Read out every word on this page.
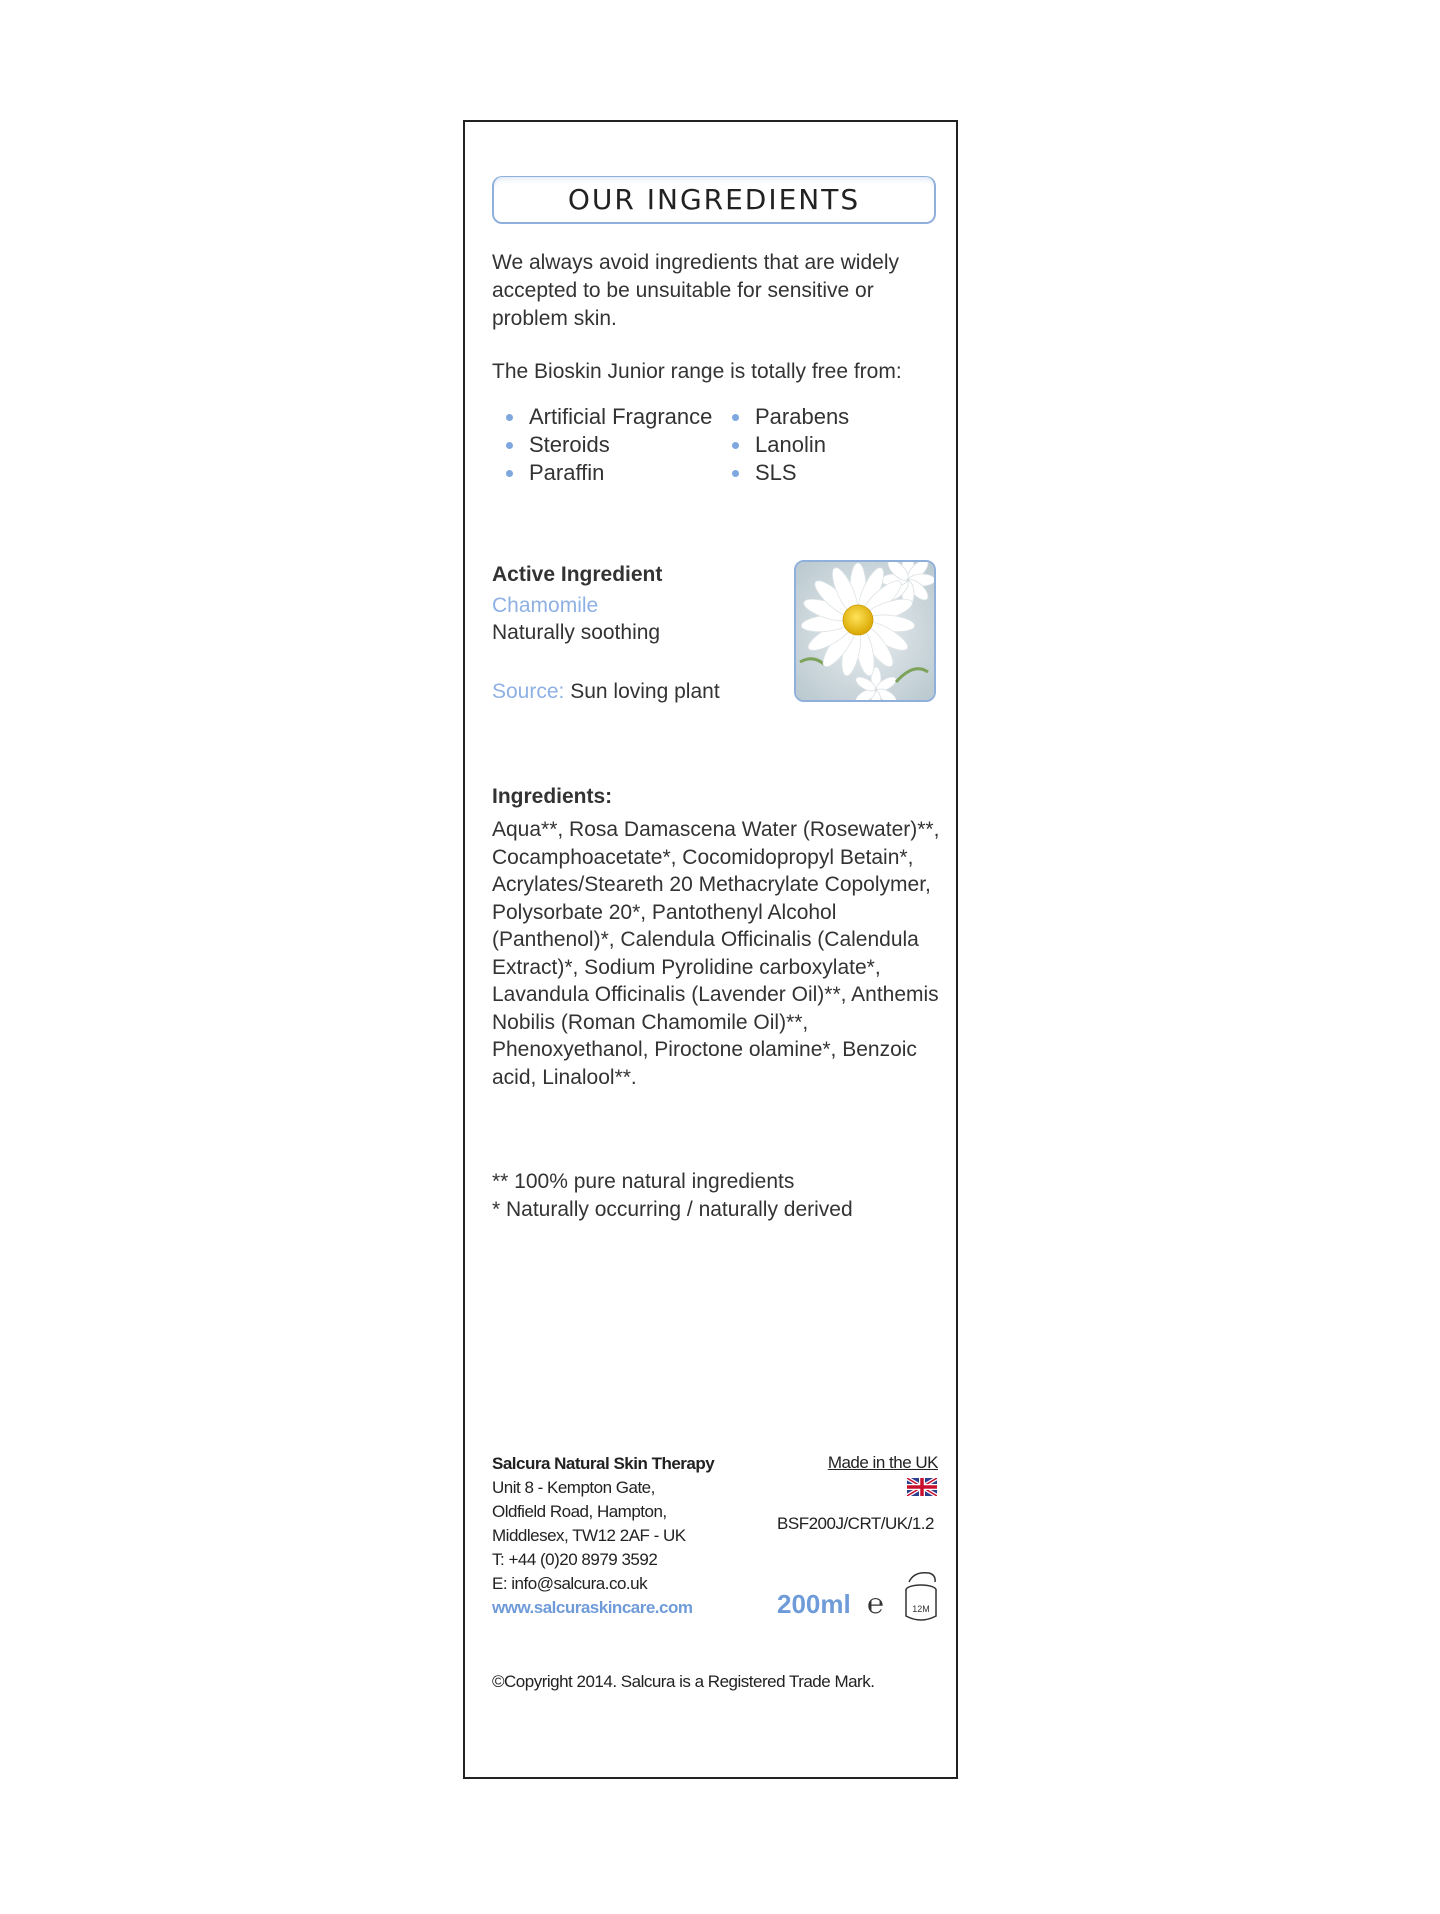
OUR INGREDIENTS
We always avoid ingredients that are widely accepted to be unsuitable for sensitive or problem skin.
The Bioskin Junior range is totally free from:
Artificial Fragrance Parabens
Steroids	Lanolin
Paraffin	SLS
Active Ingredient
Chamomile
Naturally soothing
Source: Sun loving plant
Ingredients:
Aqua**, Rosa Damascena Water (Rosewater)**, Cocamphoacetate*, Cocomidopropyl Betain*, Acrylates/Steareth 20 Methacrylate Copolymer, Polysorbate 20*, Pantothenyl Alcohol (Panthenol)*, Calendula Officinalis (Calendula Extract)*, Sodium Pyrolidine carboxylate*, Lavandula Officinalis (Lavender Oil)**, Anthemis Nobilis (Roman Chamomile Oil)**, Phenoxyethanol, Piroctone olamine*, Benzoic acid, Linalool**.
** 100% pure natural ingredients
* Naturally occurring / naturally derived
Salcura Natural Skin Therapy
Unit 8 - Kempton Gate,
Oldfield Road, Hampton,
Middlesex, TW12 2AF - UK
T: +44 (0)20 8979 3592
E: info@salcura.co.uk
www.salcuraskincare.com
Made in the UK
BSF200J/CRT/UK/1.2
200ml ℮	12M
©Copyright 2014. Salcura is a Registered Trade Mark.
